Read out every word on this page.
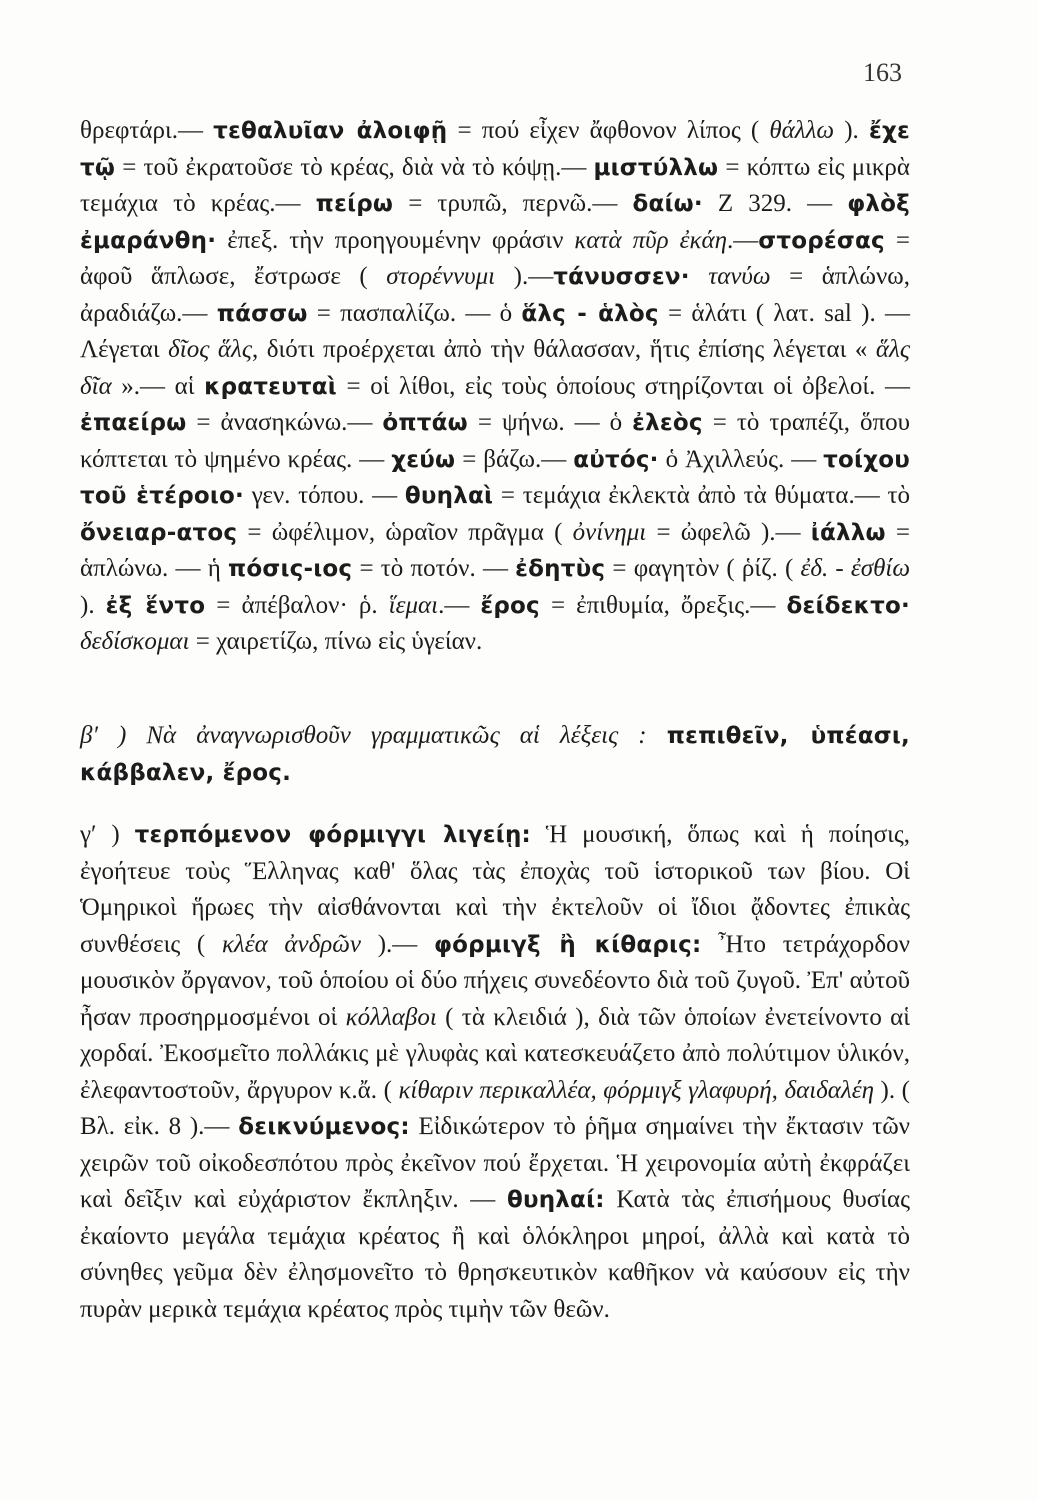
163

θρεφτάρι.— τεθαλυῖαν ἀλοιφῇ = πού εἶχεν ἄφθονον λίπος ( θάλλω ). ἔχε τῷ = τοῦ ἐκρατοῦσε τὸ κρέας, διὰ νὰ τὸ κόψῃ.— μιστύλλω = κόπτω εἰς μικρὰ τεμάχια τὸ κρέας.— πείρω = τρυπῶ, περνῶ.— δαίω· Ζ 329. — φλὸξ ἐμαράνθη· ἐπεξ. τὴν προηγουμένην φράσιν κατὰ πῦρ ἐκάη.—στορέσας = ἀφοῦ ἅπλωσε, ἔστρωσε ( στορέννυμι ).—τάνυσσεν· τανύω = ἁπλώνω, ἀραδιάζω.— πάσσω = πασπαλίζω. — ὁ ἅλς - ἁλὸς = ἁλάτι ( λατ. sal ). — Λέγεται δῖος ἅλς, διότι προέρχεται ἀπὸ τὴν θάλασσαν, ἥτις ἐπίσης λέγεται « ἅλς δῖα ».— αἱ κρατευταὶ = οἱ λίθοι, εἰς τοὺς ὁποίους στηρίζονται οἱ ὀβελοί. — ἐπαείρω = ἀνασηκώνω.— ὀπτάω = ψήνω. — ὁ ἐλεὸς = τὸ τραπέζι, ὅπου κόπτεται τὸ ψημένο κρέας. — χεύω = βάζω.— αὐτός· ὁ Ἀχιλλεύς. — τοίχου τοῦ ἑτέροιο· γεν. τόπου. — θυηλαὶ = τεμάχια ἐκλεκτὰ ἀπὸ τὰ θύματα.— τὸ ὄνειαρ-ατος = ὠφέλιμον, ὡραῖον πρᾶγμα ( ὀνίνημι = ὠφελῶ ).— ἰάλλω = ἁπλώνω. — ἡ πόσις-ιος = τὸ ποτόν. — ἐδητὺς = φαγητὸν ( ῥίζ. ( ἐδ. - ἐσθίω ). ἐξ ἕντο = ἀπέβαλον· ῥ. ἵεμαι.— ἔρος = ἐπιθυμία, ὄρεξις.— δείδεκτο· δεδίσκομαι = χαιρετίζω, πίνω εἰς ὑγείαν.

β′ ) Νὰ ἀναγνωρισθοῦν γραμματικῶς αἱ λέξεις : πεπιθεῖν, ὑπέασι, κάββαλεν, ἔρος.

γ′ ) τερπόμενον φόρμιγγι λιγείῃ: Ἡ μουσική, ὅπως καὶ ἡ ποίησις, ἐγοήτευε τοὺς Ἕλληνας καθ' ὅλας τὰς ἐποχὰς τοῦ ἱστορικοῦ των βίου. Οἱ Ὁμηρικοὶ ἥρωες τὴν αἰσθάνονται καὶ τὴν ἐκτελοῦν οἱ ἴδιοι ᾄδοντες ἐπικὰς συνθέσεις ( κλέα ἀνδρῶν ).— φόρμιγξ ἢ κίθαρις: Ἦτο τετράχορδον μουσικὸν ὄργανον, τοῦ ὁποίου οἱ δύο πήχεις συνεδέοντο διὰ τοῦ ζυγοῦ. Ἐπ' αὐτοῦ ἦσαν προσηρμοσμένοι οἱ κόλλαβοι ( τὰ κλειδιά ), διὰ τῶν ὁποίων ἐνετείνοντο αἱ χορδαί. Ἐκοσμεῖτο πολλάκις μὲ γλυφὰς καὶ κατεσκευάζετο ἀπὸ πολύτιμον ὑλικόν, ἐλεφαντοστοῦν, ἄργυρον κ.ἄ. ( κίθαριν περικαλλέα, φόρμιγξ γλαφυρή, δαιδαλέη ). ( Βλ. εἰκ. 8 ).— δεικνύμενος: Εἰδικώτερον τὸ ῥῆμα σημαίνει τὴν ἔκτασιν τῶν χειρῶν τοῦ οἰκοδεσπότου πρὸς ἐκεῖνον πού ἔρχεται. Ἡ χειρονομία αὐτὴ ἐκφράζει καὶ δεῖξιν καὶ εὐχάριστον ἔκπληξιν. — θυηλαί: Κατὰ τὰς ἐπισήμους θυσίας ἐκαίοντο μεγάλα τεμάχια κρέατος ἢ καὶ ὁλόκληροι μηροί, ἀλλὰ καὶ κατὰ τὸ σύνηθες γεῦμα δὲν ἐλησμονεῖτο τὸ θρησκευτικὸν καθῆκον νὰ καύσουν εἰς τὴν πυρὰν μερικὰ τεμάχια κρέατος πρὸς τιμὴν τῶν θεῶν.
